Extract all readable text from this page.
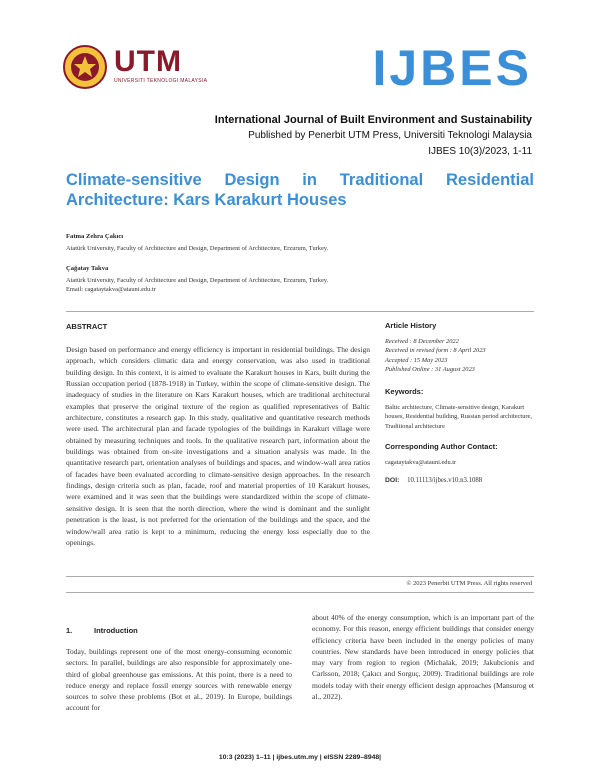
UTM
UNIVERSITI TEKNOLOGI MALAYSIA	IJBES
International Journal of Built Environment and Sustainability
Published by Penerbit UTM Press, Universiti Teknologi Malaysia
IJBES 10(3)/2023, 1-11
Climate-sensitive Design in Traditional Residential Architecture: Kars Karakurt Houses
Fatma Zehra Çakıcı
Atatürk University, Faculty of Architecture and Design, Department of Architecture, Erzurum, Turkey.
Çağatay Takva
Atatürk University, Faculty of Architecture and Design, Department of Architecture, Erzurum, Turkey.
Email: cagataytakva@atauni.edu.tr
ABSTRACT
Design based on performance and energy efficiency is important in residential buildings. The design approach, which considers climatic data and energy conservation, was also used in traditional building design. In this context, it is aimed to evaluate the Karakurt houses in Kars, built during the Russian occupation period (1878-1918) in Turkey, within the scope of climate-sensitive design. The inadequacy of studies in the literature on Kars Karakurt houses, which are traditional architectural examples that preserve the original texture of the region as qualified representatives of Baltic architecture, constitutes a research gap. In this study, qualitative and quantitative research methods were used. The architectural plan and facade typologies of the buildings in Karakurt village were obtained by measuring techniques and tools. In the qualitative research part, information about the buildings was obtained from on-site investigations and a situation analysis was made. In the quantitative research part, orientation analyses of buildings and spaces, and window-wall area ratios of facades have been evaluated according to climate-sensitive design approaches. In the research findings, design criteria such as plan, facade, roof and material properties of 10 Karakurt houses, were examined and it was seen that the buildings were standardized within the scope of climate-sensitive design. It is seen that the north direction, where the wind is dominant and the sunlight penetration is the least, is not preferred for the orientation of the buildings and the space, and the window/wall area ratio is kept to a minimum, reducing the energy loss especially due to the openings.
Article History
Received : 8 December 2022
Received in revised form : 8 April 2023
Accepted : 15 May 2023
Published Online : 31 August 2023
Keywords:
Baltic architecture, Climate-sensitive design, Karakurt houses, Residential building, Russian period architecture, Traditional architecture
Corresponding Author Contact:
cagataytakva@atauni.edu.tr
DOI: 10.11113/ijbes.v10.n3.1088
© 2023 Penerbit UTM Press. All rights reserved
1.	Introduction
Today, buildings represent one of the most energy-consuming economic sectors. In parallel, buildings are also responsible for approximately one-third of global greenhouse gas emissions. At this point, there is a need to reduce energy and replace fossil energy sources with renewable energy sources to solve these problems (Bot et al., 2019). In Europe, buildings account for
about 40% of the energy consumption, which is an important part of the economy. For this reason, energy efficient buildings that consider energy efficiency criteria have been included in the energy policies of many countries. New standards have been introduced in energy policies that may vary from region to region (Michalak, 2019; Jakubcionis and Carlsson, 2018; Çakıcı and Sorguç, 2009). Traditional buildings are role models today with their energy efficient design approaches (Mansurog et al., 2022).
10:3 (2023) 1–11 | ijbes.utm.my | eISSN 2289–8948|
